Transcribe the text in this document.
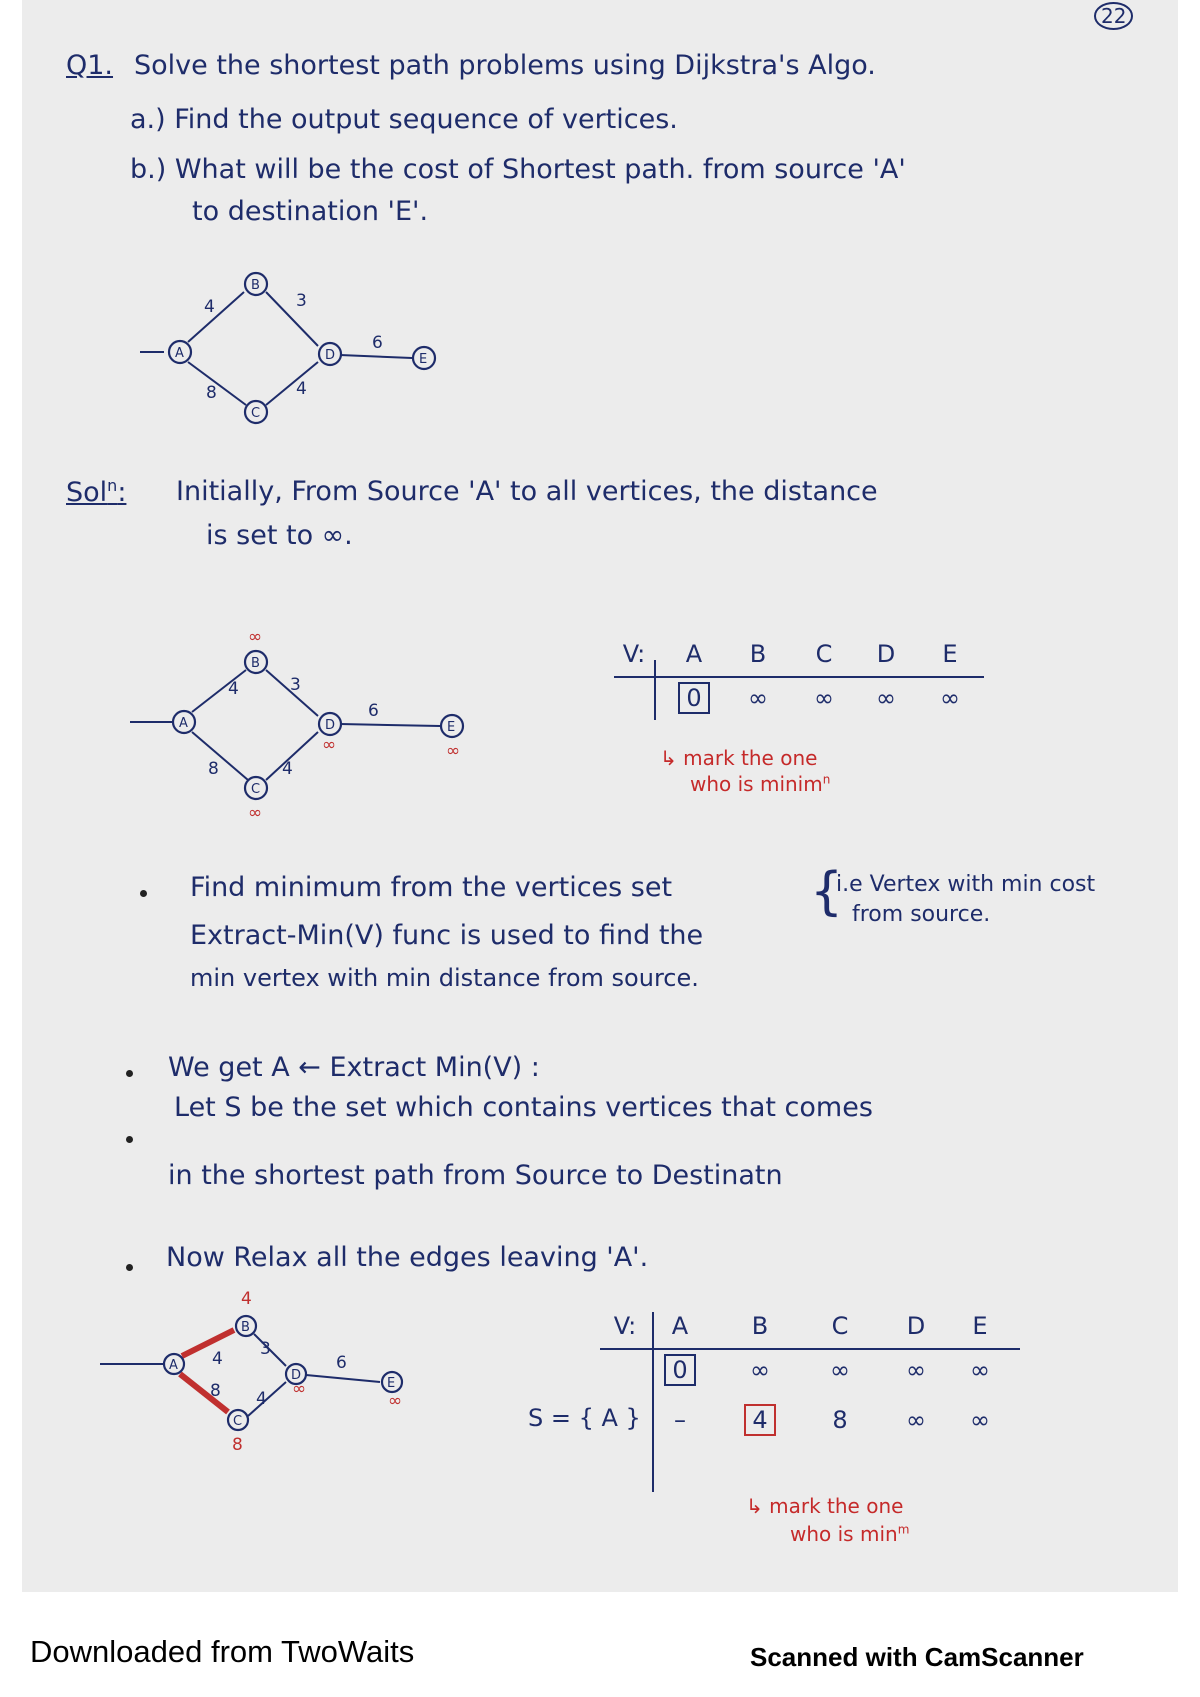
22
Q1. Solve the shortest path problems using Dijkstra's Algo.
a.) Find the output sequence of vertices.
b.) What will be the cost of Shortest path. from source 'A'
to destination 'E'.
A
B
C
D	E
4
8
3
4
6
Sol$^n$: Initially, From Source 'A' to all vertices, the distance
is set to ∞.
A
B
C
D	E
4
8
3
4
6
∞
∞
∞	∞
V:	A	B	C	D	E
0	∞	∞	∞	∞
↳ mark the one
who is minim$^n$
Find minimum from the vertices set	{
i.e Vertex with min cost
from source.
Extract-Min(V) func is used to find the
min vertex with min distance from source.
We get A ← Extract Min(V) :
Let S be the set which contains vertices that comes
in the shortest path from Source to Destinatn
Now Relax all the edges leaving 'A'.
A
B
C
D
E
4
8
3
4
6
4
8
∞
∞
V:	A	B	C	D	E
0	∞	∞	∞	∞
S = { A }	–	4	8	∞	∞
↳ mark the one
who is $\min^m$
Downloaded from TwoWaits	Scanned with CamScanner
